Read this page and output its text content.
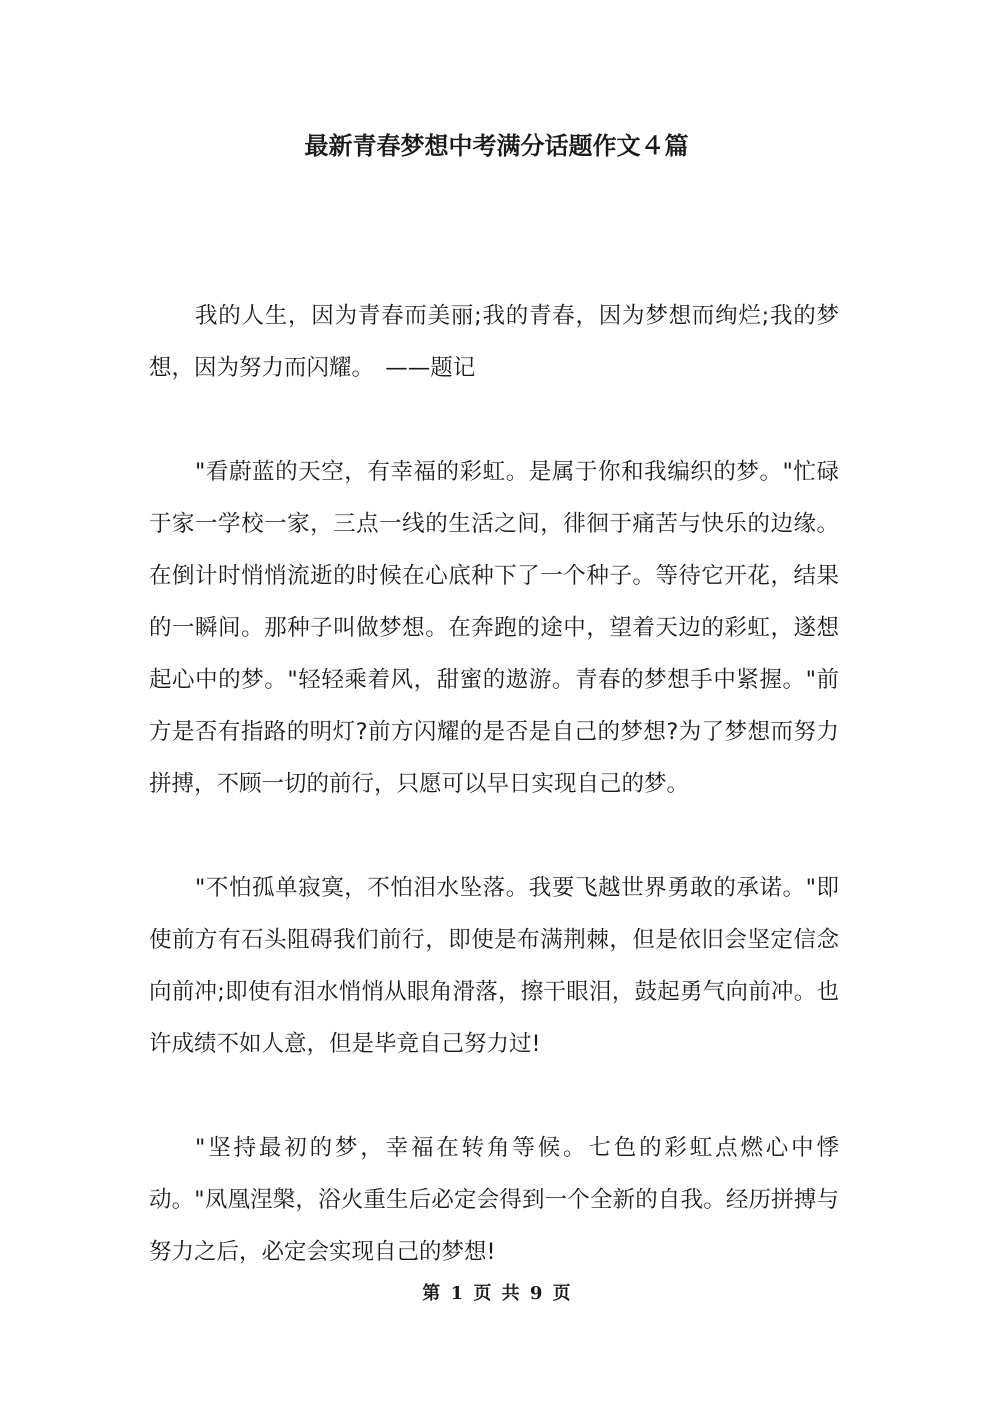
最新青春梦想中考满分话题作文４篇

我的人生，因为青春而美丽;我的青春，因为梦想而绚烂;我的梦想，因为努力而闪耀。　——题记

"看蔚蓝的天空，有幸福的彩虹。是属于你和我编织的梦。"忙碌于家一学校一家，三点一线的生活之间，徘徊于痛苦与快乐的边缘。在倒计时悄悄流逝的时候在心底种下了一个种子。等待它开花，结果的一瞬间。那种子叫做梦想。在奔跑的途中，望着天边的彩虹，遂想起心中的梦。"轻轻乘着风，甜蜜的遨游。青春的梦想手中紧握。"前方是否有指路的明灯?前方闪耀的是否是自己的梦想?为了梦想而努力拼搏，不顾一切的前行，只愿可以早日实现自己的梦。

"不怕孤单寂寞，不怕泪水坠落。我要飞越世界勇敢的承诺。"即使前方有石头阻碍我们前行，即使是布满荆棘，但是依旧会坚定信念向前冲;即使有泪水悄悄从眼角滑落，擦干眼泪，鼓起勇气向前冲。也许成绩不如人意，但是毕竟自己努力过!

"坚持最初的梦，幸福在转角等候。七色的彩虹点燃心中悸动。"凤凰涅槃，浴火重生后必定会得到一个全新的自我。经历拼搏与努力之后，必定会实现自己的梦想!

第 1 页 共 9 页
